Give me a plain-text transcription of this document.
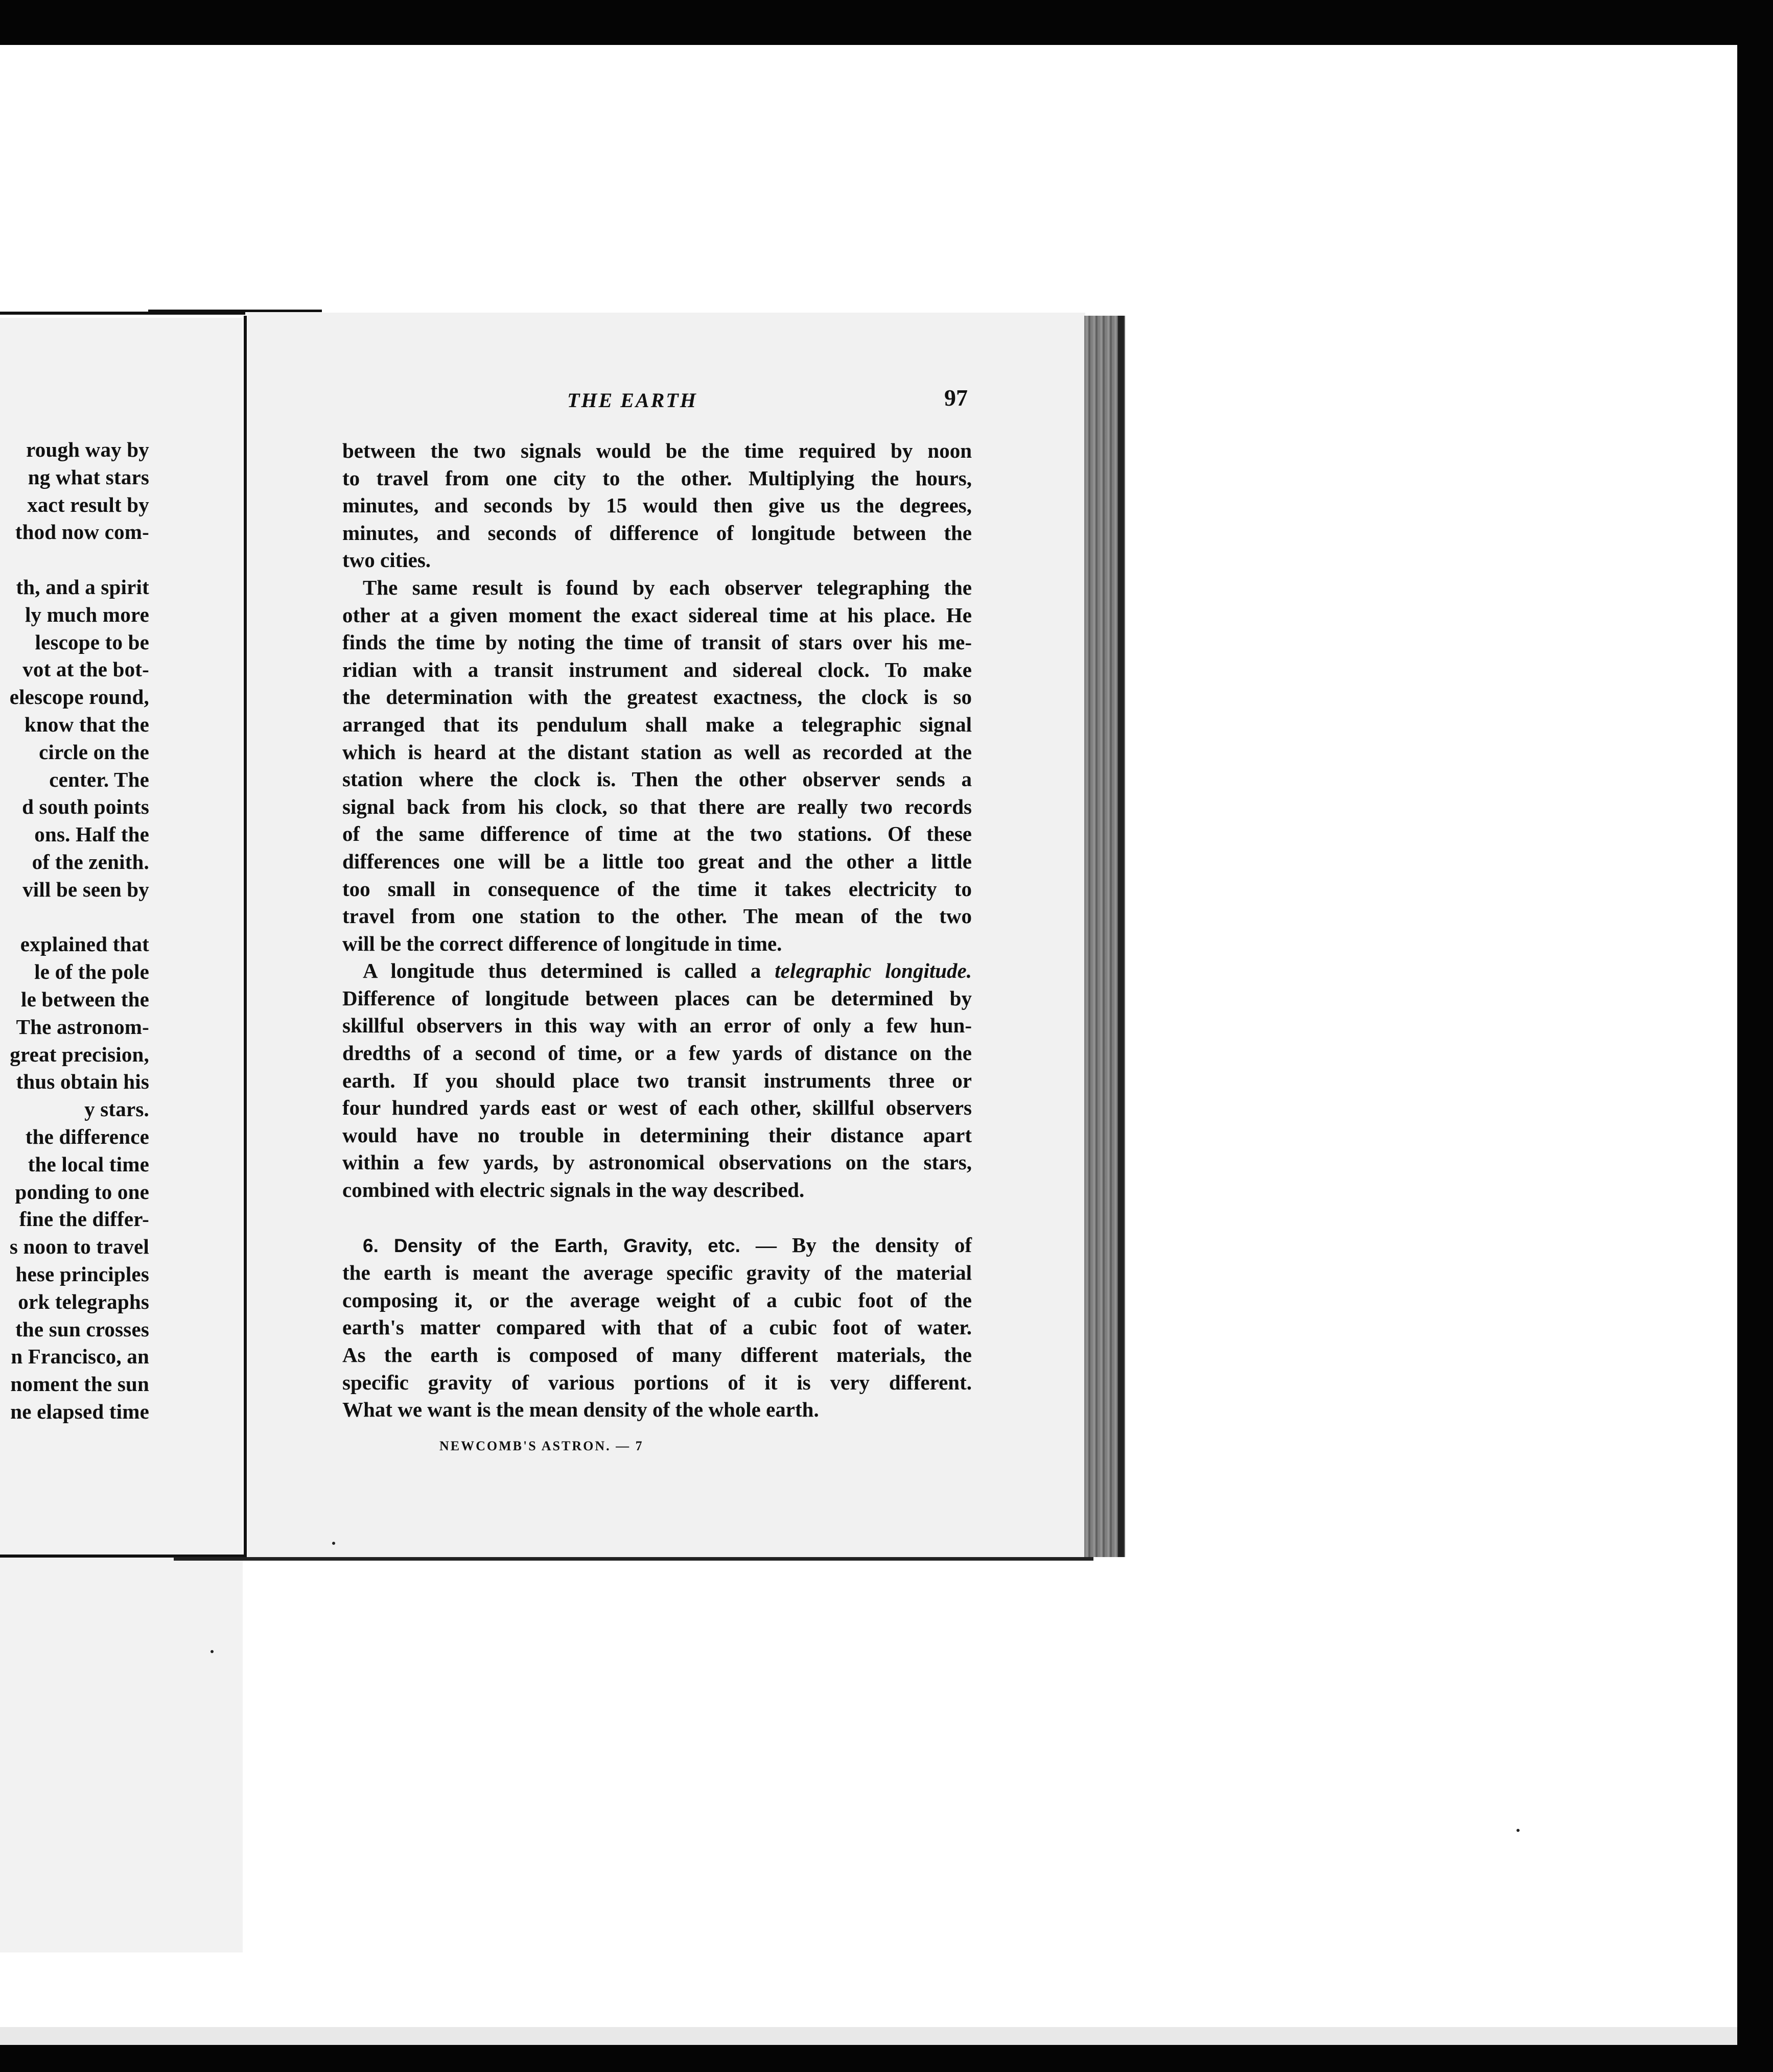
rough way by
ng what stars
xact result by
thod now com-

th, and a spirit
ly much more
lescope to be
vot at the bot-
elescope round,
know that the
circle on the
center. The
d south points
ons. Half the
of the zenith.
vill be seen by

explained that
le of the pole
le between the
The astronom-
great precision,
thus obtain his
y stars.
the difference
the local time
ponding to one
fine the differ-
s noon to travel
hese principles
ork telegraphs
the sun crosses
n Francisco, an
noment the sun
ne elapsed time
THE EARTH	97
between the two signals would be the time required by noon
to travel from one city to the other. Multiplying the hours,
minutes, and seconds by 15 would then give us the degrees,
minutes, and seconds of difference of longitude between the
two cities.
The same result is found by each observer telegraphing the
other at a given moment the exact sidereal time at his place. He
finds the time by noting the time of transit of stars over his me-
ridian with a transit instrument and sidereal clock. To make
the determination with the greatest exactness, the clock is so
arranged that its pendulum shall make a telegraphic signal
which is heard at the distant station as well as recorded at the
station where the clock is. Then the other observer sends a
signal back from his clock, so that there are really two records
of the same difference of time at the two stations. Of these
differences one will be a little too great and the other a little
too small in consequence of the time it takes electricity to
travel from one station to the other. The mean of the two
will be the correct difference of longitude in time.
A longitude thus determined is called a telegraphic longitude.
Difference of longitude between places can be determined by
skillful observers in this way with an error of only a few hun-
dredths of a second of time, or a few yards of distance on the
earth. If you should place two transit instruments three or
four hundred yards east or west of each other, skillful observers
would have no trouble in determining their distance apart
within a few yards, by astronomical observations on the stars,
combined with electric signals in the way described.
6. Density of the Earth, Gravity, etc. — By the density of
the earth is meant the average specific gravity of the material
composing it, or the average weight of a cubic foot of the
earth's matter compared with that of a cubic foot of water.
As the earth is composed of many different materials, the
specific gravity of various portions of it is very different.
What we want is the mean density of the whole earth.
NEWCOMB'S ASTRON. — 7
